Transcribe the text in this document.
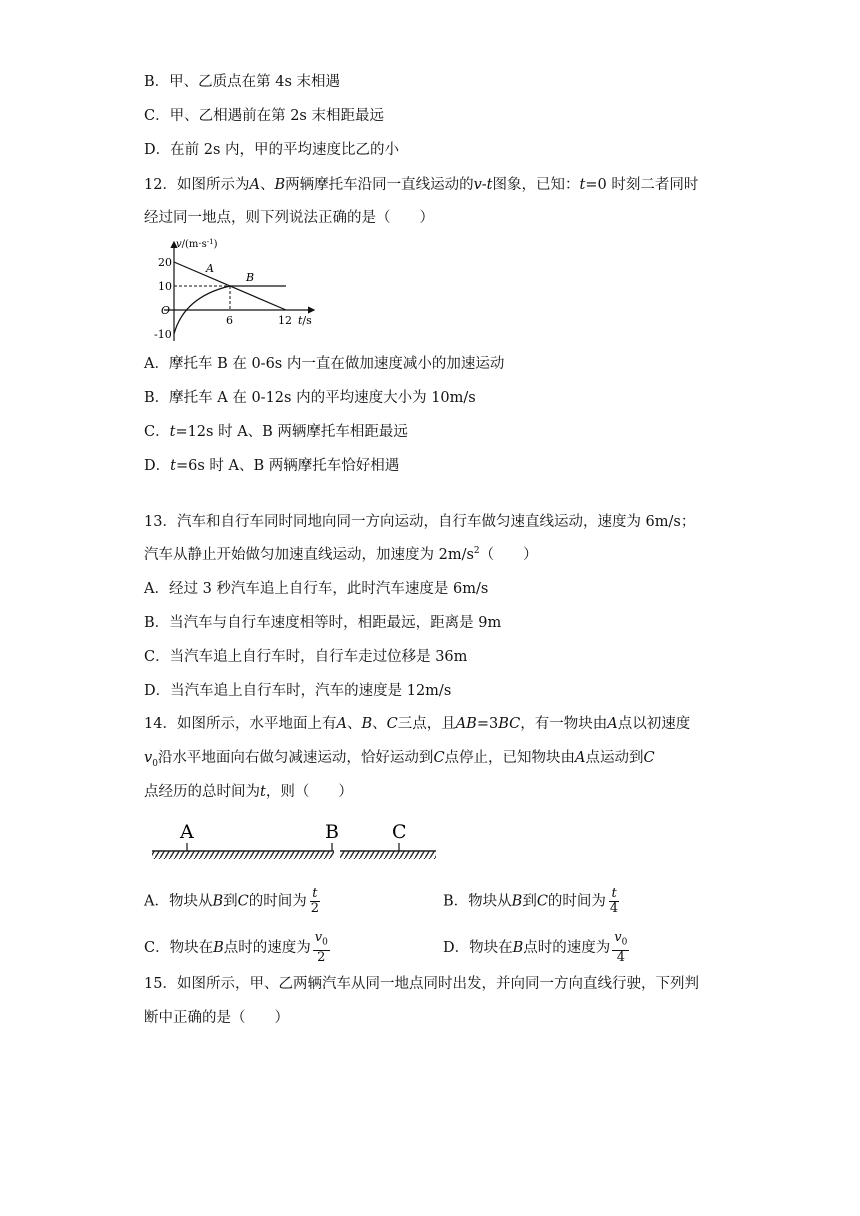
B．甲、乙质点在第 4s 末相遇
C．甲、乙相遇前在第 2s 末相距最远
D．在前 2s 内，甲的平均速度比乙的小
12．如图所示为A、B两辆摩托车沿同一直线运动的v-t图象，已知：t=0 时刻二者同时
经过同一地点，则下列说法正确的是（　　）
$v/(m\cdot s^{-1})$
20
10
O
-10
6	12 t/s
A
B
A．摩托车 B 在 0-6s 内一直在做加速度减小的加速运动
B．摩托车 A 在 0-12s 内的平均速度大小为 10m/s
C．t=12s 时 A、B 两辆摩托车相距最远
D．t=6s 时 A、B 两辆摩托车恰好相遇
13．汽车和自行车同时同地向同一方向运动，自行车做匀速直线运动，速度为 6m/s；
汽车从静止开始做匀加速直线运动，加速度为 $2m/s^2$（　　）
A．经过 3 秒汽车追上自行车，此时汽车速度是 6m/s
B．当汽车与自行车速度相等时，相距最远，距离是 9m
C．当汽车追上自行车时，自行车走过位移是 36m
D．当汽车追上自行车时，汽车的速度是 12m/s
14．如图所示，水平地面上有A、B、C三点，且AB=3BC，有一物块由A点以初速度
$v_0$沿水平地面向右做匀减速运动，恰好运动到C点停止，已知物块由A点运动到C
点经历的总时间为t，则（　　）
A	B	C
A．物块从B到C的时间为 $\frac{t}{2}$	B．物块从B到C的时间为 $\frac{t}{4}$
C．物块在B点时的速度为 $\frac{v_0}{2}$	D．物块在B点时的速度为 $\frac{v_0}{4}$
15．如图所示，甲、乙两辆汽车从同一地点同时出发，并向同一方向直线行驶，下列判
断中正确的是（　　）
